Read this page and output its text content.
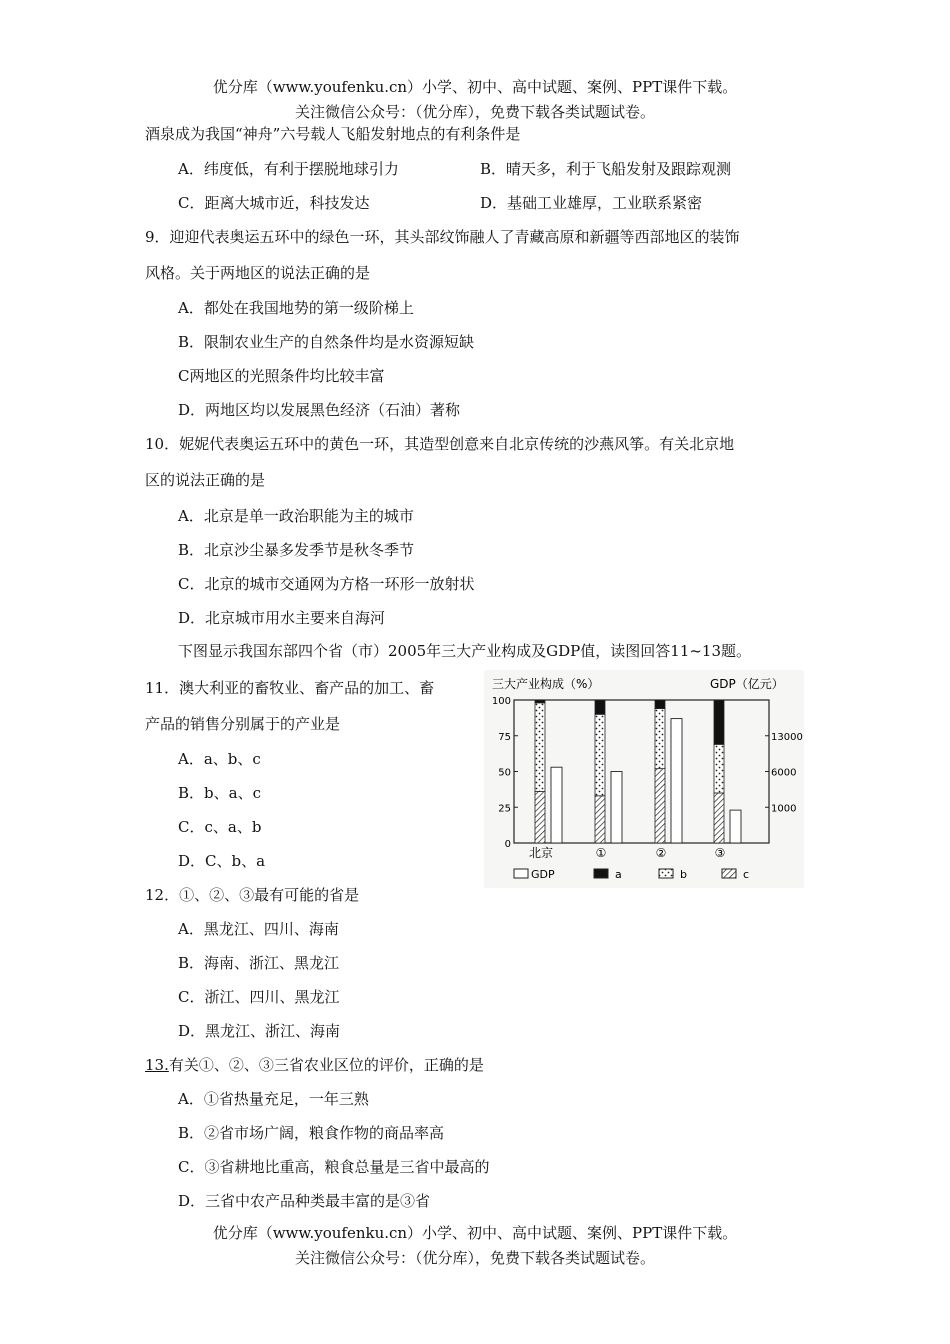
优分库（www.youfenku.cn）小学、初中、高中试题、案例、PPT课件下载。
关注微信公众号：（优分库），免费下载各类试题试卷。
酒泉成为我国“神舟”六号载人飞船发射地点的有利条件是
A．纬度低，有利于摆脱地球引力	B．晴天多，利于飞船发射及跟踪观测
C．距离大城市近，科技发达	D．基础工业雄厚，工业联系紧密
9．迎迎代表奥运五环中的绿色一环，其头部纹饰融人了青藏高原和新疆等西部地区的装饰
风格。关于两地区的说法正确的是
A．都处在我国地势的第一级阶梯上
B．限制农业生产的自然条件均是水资源短缺
C两地区的光照条件均比较丰富
D．两地区均以发展黑色经济（石油）著称
10．妮妮代表奥运五环中的黄色一环，其造型创意来自北京传统的沙燕风筝。有关北京地
区的说法正确的是
A．北京是单一政治职能为主的城市
B．北京沙尘暴多发季节是秋冬季节
C．北京的城市交通网为方格一环形一放射状
D．北京城市用水主要来自海河
下图显示我国东部四个省（市）2005年三大产业构成及GDP值，读图回答11~13题。
11．澳大利亚的畜牧业、畜产品的加工、畜
产品的销售分别属于的产业是
A．a、b、c
B．b、a、c
C．c、a、b
D．C、b、a
12．①、②、③最有可能的省是
A．黑龙江、四川、海南
B．海南、浙江、黑龙江
C．浙江、四川、黑龙江
D．黑龙江、浙江、海南
13.有关①、②、③三省农业区位的评价，正确的是
A．①省热量充足，一年三熟
B．②省市场广阔，粮食作物的商品率高
C．③省耕地比重高，粮食总量是三省中最高的
D．三省中农产品种类最丰富的是③省
优分库（www.youfenku.cn）小学、初中、高中试题、案例、PPT课件下载。
关注微信公众号：（优分库），免费下载各类试题试卷。
三大产业构成（%）	GDP（亿元）
100
75
50
25
0
13000
6000
1000
北京	①	②	③
GDP	a	b	c
